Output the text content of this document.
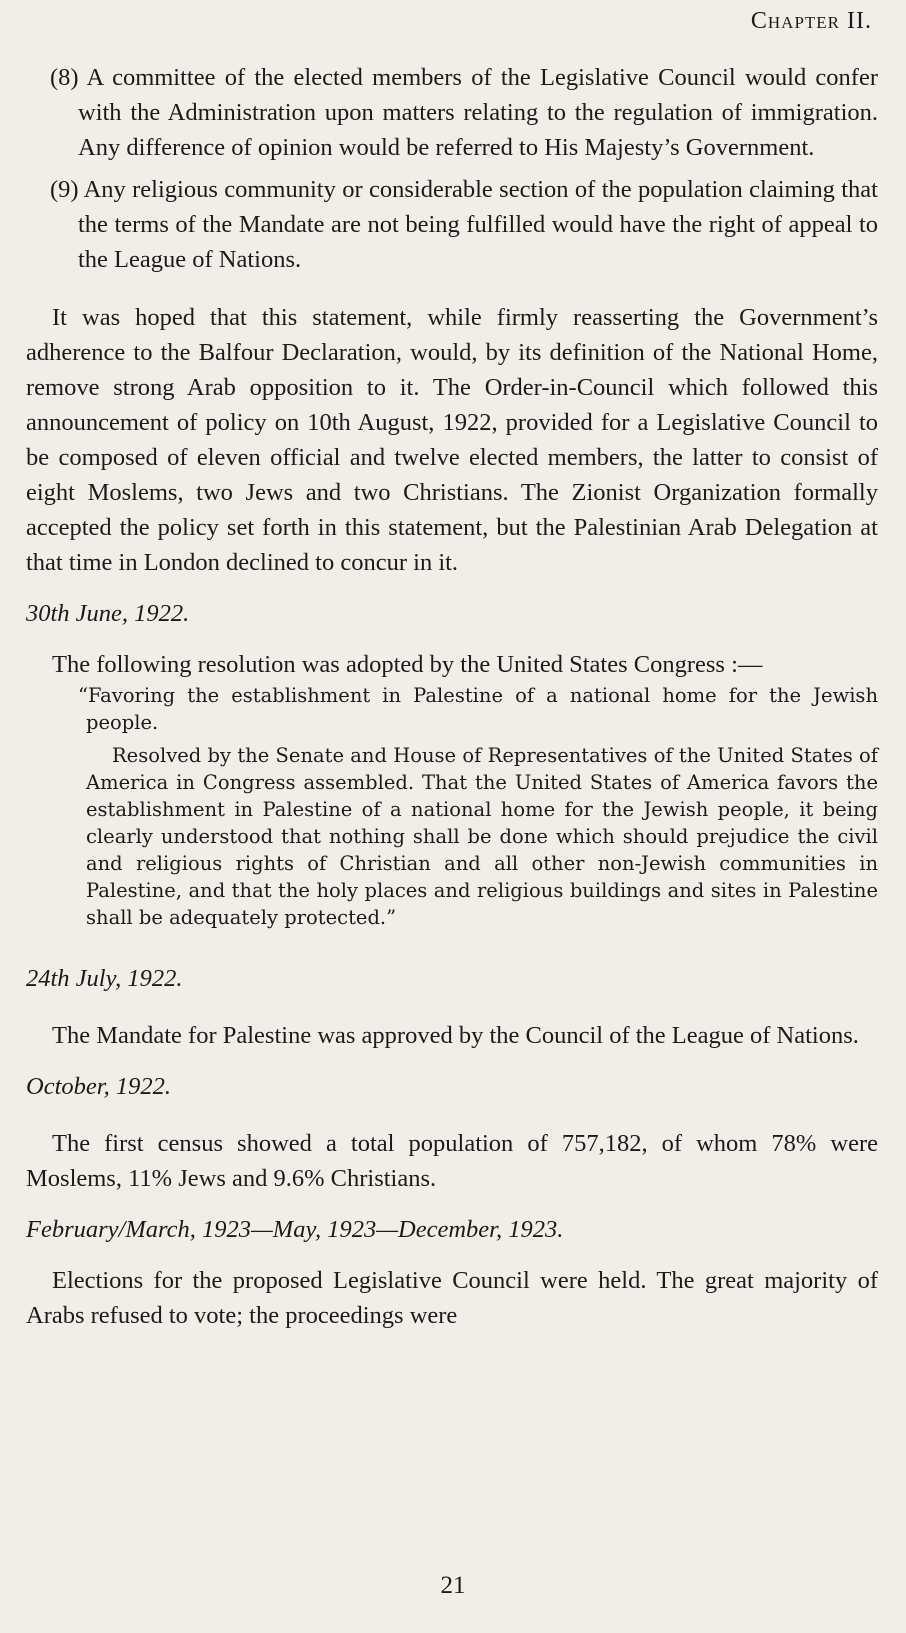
Chapter II.

(8) A committee of the elected members of the Legislative Council would confer with the Administration upon matters relating to the regulation of immigration. Any difference of opinion would be referred to His Majesty’s Government.

(9) Any religious community or considerable section of the population claiming that the terms of the Mandate are not being fulfilled would have the right of appeal to the League of Nations.

It was hoped that this statement, while firmly reasserting the Government’s adherence to the Balfour Declaration, would, by its definition of the National Home, remove strong Arab opposition to it. The Order-in-Council which followed this announcement of policy on 10th August, 1922, provided for a Legislative Council to be composed of eleven official and twelve elected members, the latter to consist of eight Moslems, two Jews and two Christians. The Zionist Organization formally accepted the policy set forth in this statement, but the Palestinian Arab Delegation at that time in London declined to concur in it.

30th June, 1922.

The following resolution was adopted by the United States Congress :—

“Favoring the establishment in Palestine of a national home for the Jewish people.

Resolved by the Senate and House of Representatives of the United States of America in Congress assembled. That the United States of America favors the establishment in Palestine of a national home for the Jewish people, it being clearly understood that nothing shall be done which should prejudice the civil and religious rights of Christian and all other non-Jewish communities in Palestine, and that the holy places and religious buildings and sites in Palestine shall be adequately protected.”

24th July, 1922.

The Mandate for Palestine was approved by the Council of the League of Nations.

October, 1922.

The first census showed a total population of 757,182, of whom 78% were Moslems, 11% Jews and 9.6% Christians.

February/March, 1923—May, 1923—December, 1923.

Elections for the proposed Legislative Council were held. The great majority of Arabs refused to vote; the proceedings were

21
